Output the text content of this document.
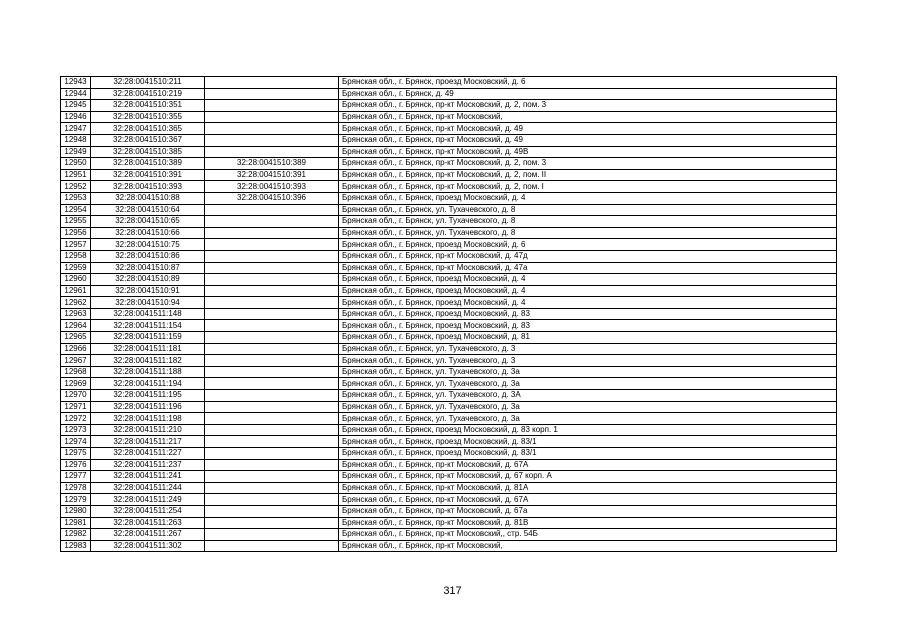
12943	32:28:0041510:211		Брянская обл., г. Брянск, проезд Московский, д. 6
12944	32:28:0041510:219		Брянская обл., г. Брянск, д. 49
12945	32:28:0041510:351		Брянская обл., г. Брянск, пр-кт Московский, д. 2, пом. 3
12946	32:28:0041510:355		Брянская обл., г. Брянск, пр-кт Московский,
12947	32:28:0041510:365		Брянская обл., г. Брянск, пр-кт Московский, д. 49
12948	32:28:0041510:367		Брянская обл., г. Брянск, пр-кт Московский, д. 49
12949	32:28:0041510:385		Брянская обл., г. Брянск, пр-кт Московский, д. 49В
12950	32:28:0041510:389	32:28:0041510:389	Брянская обл., г. Брянск, пр-кт Московский, д. 2, пом. 3
12951	32:28:0041510:391	32:28:0041510:391	Брянская обл., г. Брянск, пр-кт Московский, д. 2, пом. II
12952	32:28:0041510:393	32:28:0041510:393	Брянская обл., г. Брянск, пр-кт Московский, д. 2, пом. I
12953	32:28:0041510:88	32:28:0041510:396	Брянская обл., г. Брянск, проезд Московский, д. 4
12954	32:28:0041510:64		Брянская обл., г. Брянск, ул. Тухачевского, д. 8
12955	32:28:0041510:65		Брянская обл., г. Брянск, ул. Тухачевского, д. 8
12956	32:28:0041510:66		Брянская обл., г. Брянск, ул. Тухачевского, д. 8
12957	32:28:0041510:75		Брянская обл., г. Брянск, проезд Московский, д. 6
12958	32:28:0041510:86		Брянская обл., г. Брянск, пр-кт Московский, д. 47д
12959	32:28:0041510:87		Брянская обл., г. Брянск, пр-кт Московский, д. 47а
12960	32:28:0041510:89		Брянская обл., г. Брянск, проезд Московский, д. 4
12961	32:28:0041510:91		Брянская обл., г. Брянск, проезд Московский, д. 4
12962	32:28:0041510:94		Брянская обл., г. Брянск, проезд Московский, д. 4
12963	32:28:0041511:148		Брянская обл., г. Брянск, проезд Московский, д. 83
12964	32:28:0041511:154		Брянская обл., г. Брянск, проезд Московский, д. 83
12965	32:28:0041511:159		Брянская обл., г. Брянск, проезд Московский, д. 81
12966	32:28:0041511:181		Брянская обл., г. Брянск, ул. Тухачевского, д. 3
12967	32:28:0041511:182		Брянская обл., г. Брянск, ул. Тухачевского, д. 3
12968	32:28:0041511:188		Брянская обл., г. Брянск, ул. Тухачевского, д. 3а
12969	32:28:0041511:194		Брянская обл., г. Брянск, ул. Тухачевского, д. 3а
12970	32:28:0041511:195		Брянская обл., г. Брянск, ул. Тухачевского, д. 3А
12971	32:28:0041511:196		Брянская обл., г. Брянск, ул. Тухачевского, д. 3а
12972	32:28:0041511:198		Брянская обл., г. Брянск, ул. Тухачевского, д. 3а
12973	32:28:0041511:210		Брянская обл., г. Брянск, проезд Московский, д. 83 корп. 1
12974	32:28:0041511:217		Брянская обл., г. Брянск, проезд Московский, д. 83/1
12975	32:28:0041511:227		Брянская обл., г. Брянск, проезд Московский, д. 83/1
12976	32:28:0041511:237		Брянская обл., г. Брянск, пр-кт Московский, д. 67А
12977	32:28:0041511:241		Брянская обл., г. Брянск, пр-кт Московский, д. 67 корп. А
12978	32:28:0041511:244		Брянская обл., г. Брянск, пр-кт Московский, д. 81А
12979	32:28:0041511:249		Брянская обл., г. Брянск, пр-кт Московский, д. 67А
12980	32:28:0041511:254		Брянская обл., г. Брянск, пр-кт Московский, д. 67а
12981	32:28:0041511:263		Брянская обл., г. Брянск, пр-кт Московский, д. 81В
12982	32:28:0041511:267		Брянская обл., г. Брянск, пр-кт Московский,, стр. 54Б
12983	32:28:0041511:302		Брянская обл., г. Брянск, пр-кт Московский,
317
